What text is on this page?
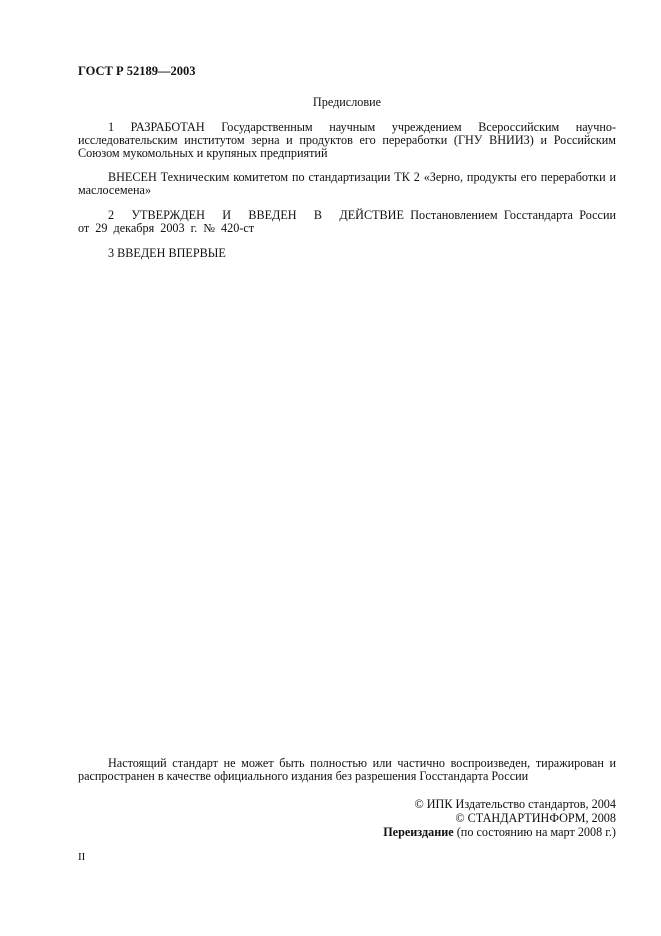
ГОСТ Р 52189—2003
Предисловие
1 РАЗРАБОТАН Государственным научным учреждением Всероссийским научно-исследовательским институтом зерна и продуктов его переработки (ГНУ ВНИИЗ) и Российским Союзом мукомольных и крупяных предприятий
ВНЕСЕН Техническим комитетом по стандартизации ТК 2 «Зерно, продукты его переработки и маслосемена»
2 УТВЕРЖДЕН И ВВЕДЕН В ДЕЙСТВИЕ Постановлением Госстандарта России от 29 декабря 2003 г. № 420-ст
3 ВВЕДЕН ВПЕРВЫЕ
Настоящий стандарт не может быть полностью или частично воспроизведен, тиражирован и распространен в качестве официального издания без разрешения Госстандарта России
© ИПК Издательство стандартов, 2004
© СТАНДАРТИНФОРМ, 2008
Переиздание (по состоянию на март 2008 г.)
II
